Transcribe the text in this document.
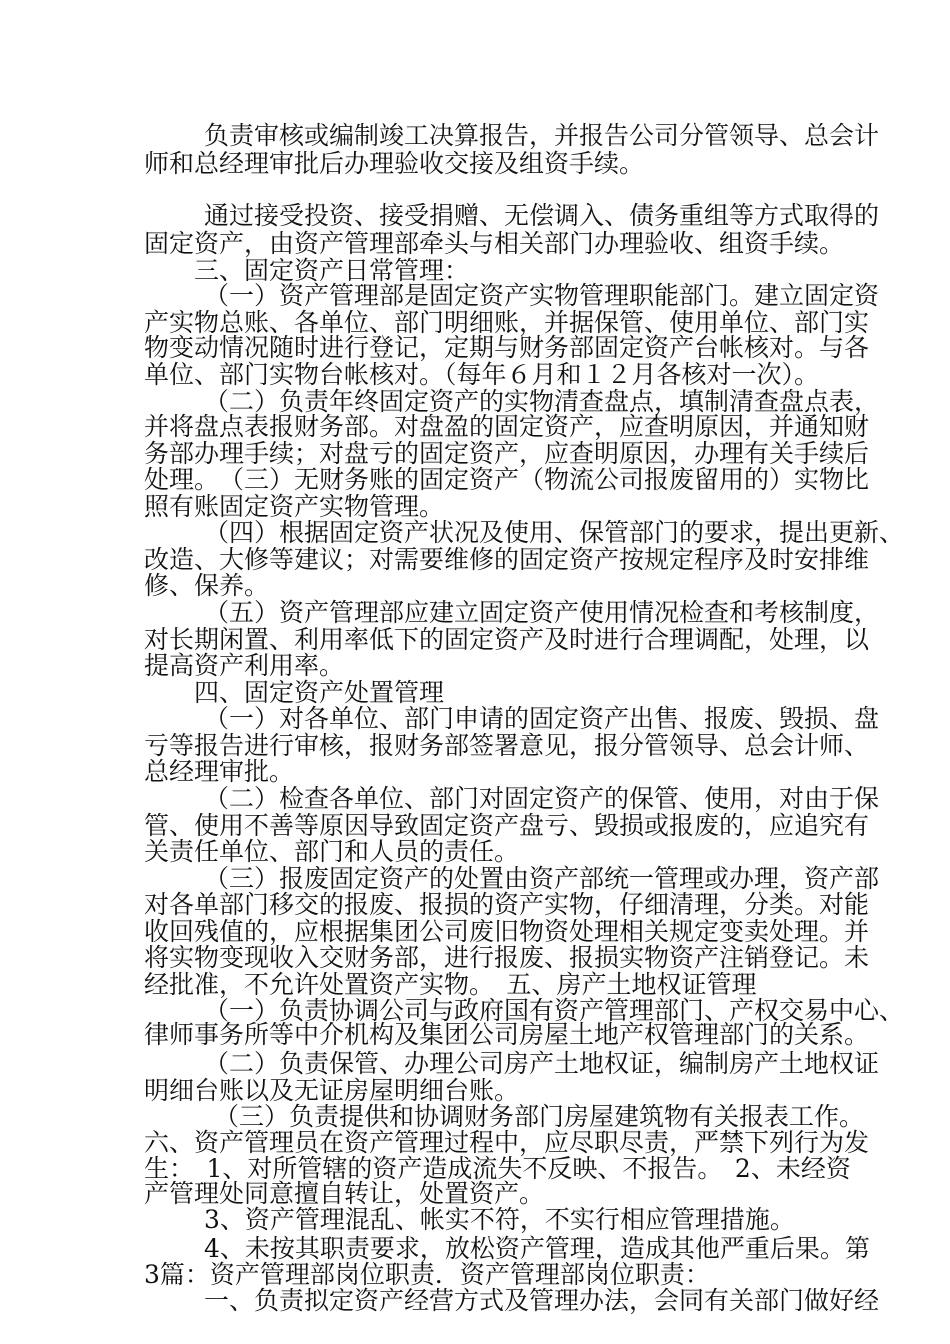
负责审核或编制竣工决算报告，并报告公司分管领导、总会计
师和总经理审批后办理验收交接及组资手续。
通过接受投资、接受捐赠、无偿调入、债务重组等方式取得的
固定资产，由资产管理部牵头与相关部门办理验收、组资手续。
三、固定资产日常管理：
（一）资产管理部是固定资产实物管理职能部门。建立固定资
产实物总账、各单位、部门明细账，并据保管、使用单位、部门实
物变动情况随时进行登记，定期与财务部固定资产台帐核对。与各
单位、部门实物台帐核对。（每年６月和１２月各核对一次）。
（二）负责年终固定资产的实物清查盘点，填制清查盘点表，
并将盘点表报财务部。对盘盈的固定资产，应查明原因，并通知财
务部办理手续；对盘亏的固定资产，应查明原因，办理有关手续后
处理。　（三）无财务账的固定资产（物流公司报废留用的）实物比
照有账固定资产实物管理。
（四）根据固定资产状况及使用、保管部门的要求，提出更新、
改造、大修等建议；对需要维修的固定资产按规定程序及时安排维
修、保养。
（五）资产管理部应建立固定资产使用情况检查和考核制度，
对长期闲置、利用率低下的固定资产及时进行合理调配，处理，以
提高资产利用率。
四、固定资产处置管理
（一）对各单位、部门申请的固定资产出售、报废、毁损、盘
亏等报告进行审核，报财务部签署意见，报分管领导、总会计师、
总经理审批。
（二）检查各单位、部门对固定资产的保管、使用，对由于保
管、使用不善等原因导致固定资产盘亏、毁损或报废的，应追究有
关责任单位、部门和人员的责任。
（三）报废固定资产的处置由资产部统一管理或办理，资产部
对各单部门移交的报废、报损的资产实物，仔细清理，分类。对能
收回残值的，应根据集团公司废旧物资处理相关规定变卖处理。并
将实物变现收入交财务部，进行报废、报损实物资产注销登记。未
经批准，不允许处置资产实物。　五、房产土地权证管理
（一）负责协调公司与政府国有资产管理部门、产权交易中心、
律师事务所等中介机构及集团公司房屋土地产权管理部门的关系。
（二）负责保管、办理公司房产土地权证，编制房产土地权证
明细台账以及无证房屋明细台账。
（三）负责提供和协调财务部门房屋建筑物有关报表工作。
六、资产管理员在资产管理过程中，应尽职尽责，严禁下列行为发
生：　1、对所管辖的资产造成流失不反映、不报告。　2、未经资
产管理处同意擅自转让，处置资产。
3、资产管理混乱、帐实不符，不实行相应管理措施。
4、未按其职责要求，放松资产管理，造成其他严重后果。第
3篇：资产管理部岗位职责．资产管理部岗位职责：
一、负责拟定资产经营方式及管理办法，会同有关部门做好经
